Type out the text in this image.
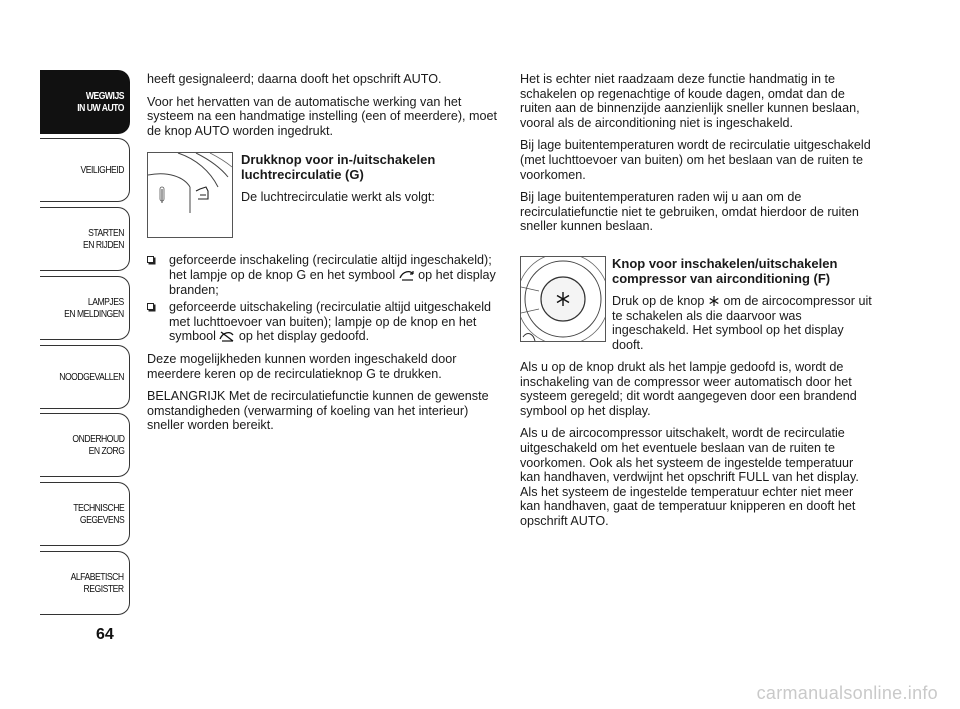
WEGWIJS
IN UW AUTO
VEILIGHEID
STARTEN
EN RIJDEN
LAMPJES
EN MELDINGEN
NOODGEVALLEN
ONDERHOUD
EN ZORG
TECHNISCHE
GEGEVENS
ALFABETISCH
REGISTER
64

heeft gesignaleerd; daarna dooft het opschrift AUTO.

Voor het hervatten van de automatische werking van het systeem na een handmatige instelling (een of meerdere), moet de knop AUTO worden ingedrukt.

Drukknop voor in-/uitschakelen luchtrecirculatie (G)
De luchtrecirculatie werkt als volgt:
geforceerde inschakeling (recirculatie altijd ingeschakeld); het lampje op de knop G en het symbool op het display branden;
geforceerde uitschakeling (recirculatie altijd uitgeschakeld met luchttoevoer van buiten); lampje op de knop en het symbool op het display gedoofd.

Deze mogelijkheden kunnen worden ingeschakeld door meerdere keren op de recirculatieknop G te drukken.

BELANGRIJK Met de recirculatiefunctie kunnen de gewenste omstandigheden (verwarming of koeling van het interieur) sneller worden bereikt.

Het is echter niet raadzaam deze functie handmatig in te schakelen op regenachtige of koude dagen, omdat dan de ruiten aan de binnenzijde aanzienlijk sneller kunnen beslaan, vooral als de airconditioning niet is ingeschakeld.

Bij lage buitentemperaturen wordt de recirculatie uitgeschakeld (met luchttoevoer van buiten) om het beslaan van de ruiten te voorkomen.

Bij lage buitentemperaturen raden wij u aan om de recirculatiefunctie niet te gebruiken, omdat hierdoor de ruiten sneller kunnen beslaan.

Knop voor inschakelen/uitschakelen compressor van airconditioning (F)
Druk op de knop om de aircocompressor uit te schakelen als die daarvoor was ingeschakeld. Het symbool op het display dooft.

Als u op de knop drukt als het lampje gedoofd is, wordt de inschakeling van de compressor weer automatisch door het systeem geregeld; dit wordt aangegeven door een brandend symbool op het display.

Als u de aircocompressor uitschakelt, wordt de recirculatie uitgeschakeld om het eventuele beslaan van de ruiten te voorkomen. Ook als het systeem de ingestelde temperatuur kan handhaven, verdwijnt het opschrift FULL van het display. Als het systeem de ingestelde temperatuur echter niet meer kan handhaven, gaat de temperatuur knipperen en dooft het opschrift AUTO.

carmanualsonline.info
